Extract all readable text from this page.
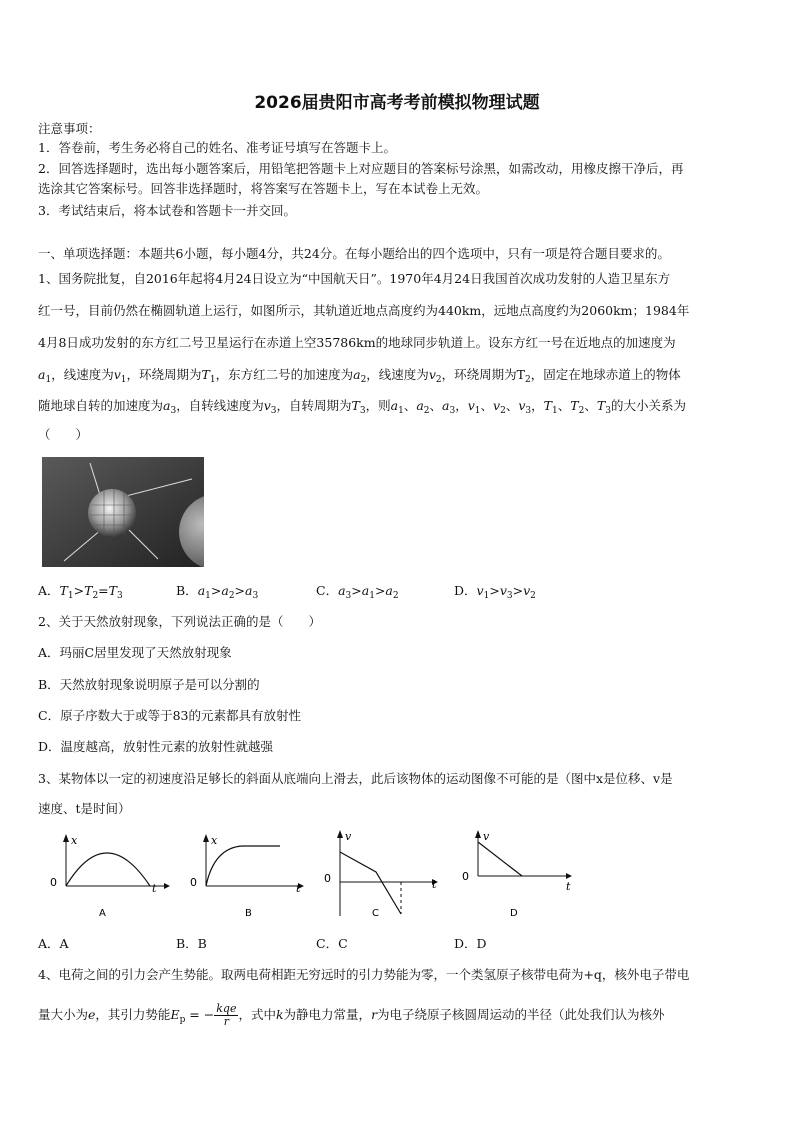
2026届贵阳市高考考前模拟物理试题
注意事项：
1．答卷前，考生务必将自己的姓名、准考证号填写在答题卡上。
2．回答选择题时，选出每小题答案后，用铅笔把答题卡上对应题目的答案标号涂黑，如需改动，用橡皮擦干净后，再
选涂其它答案标号。回答非选择题时，将答案写在答题卡上，写在本试卷上无效。
3．考试结束后，将本试卷和答题卡一并交回。
一、单项选择题：本题共6小题，每小题4分，共24分。在每小题给出的四个选项中，只有一项是符合题目要求的。
1、国务院批复，自2016年起将4月24日设立为“中国航天日”。1970年4月24日我国首次成功发射的人造卫星东方
红一号，目前仍然在椭圆轨道上运行，如图所示，其轨道近地点高度约为440km，远地点高度约为2060km；1984年
4月8日成功发射的东方红二号卫星运行在赤道上空35786km的地球同步轨道上。设东方红一号在近地点的加速度为
$a_1$，线速度为$v_1$，环绕周期为$T_1$，东方红二号的加速度为$a_2$，线速度为$v_2$，环绕周期为$T_2$，固定在地球赤道上的物体
随地球自转的加速度为$a_3$，自转线速度为$v_3$，自转周期为$T_3$，则$a_1$、$a_2$、$a_3$，$v_1$、$v_2$、$v_3$，$T_1$、$T_2$、$T_3$的大小关系为
（　　）
A．$T_1>T_2=T_3$	B．$a_1>a_2>a_3$	C．$a_3>a_1>a_2$	D．$v_1>v_3>v_2$
2、关于天然放射现象，下列说法正确的是（　　）
A．玛丽C居里发现了天然放射现象
B．天然放射现象说明原子是可以分割的
C．原子序数大于或等于83的元素都具有放射性
D．温度越高，放射性元素的放射性就越强
3、某物体以一定的初速度沿足够长的斜面从底端向上滑去，此后该物体的运动图像不可能的是（图中x是位移、v是
速度、t是时间）
x
0	t
A
x
0	t
B
v
0	t
C
v
0
t
D
A．A	B．B	C．C	D．D
4、电荷之间的引力会产生势能。取两电荷相距无穷远时的引力势能为零，一个类氢原子核带电荷为+q，核外电子带电
量大小为e，其引力势能$E_p$ = − $\frac{\text{kqe}}{r}$ ，式中k为静电力常量，r为电子绕原子核圆周运动的半径（此处我们认为核外
